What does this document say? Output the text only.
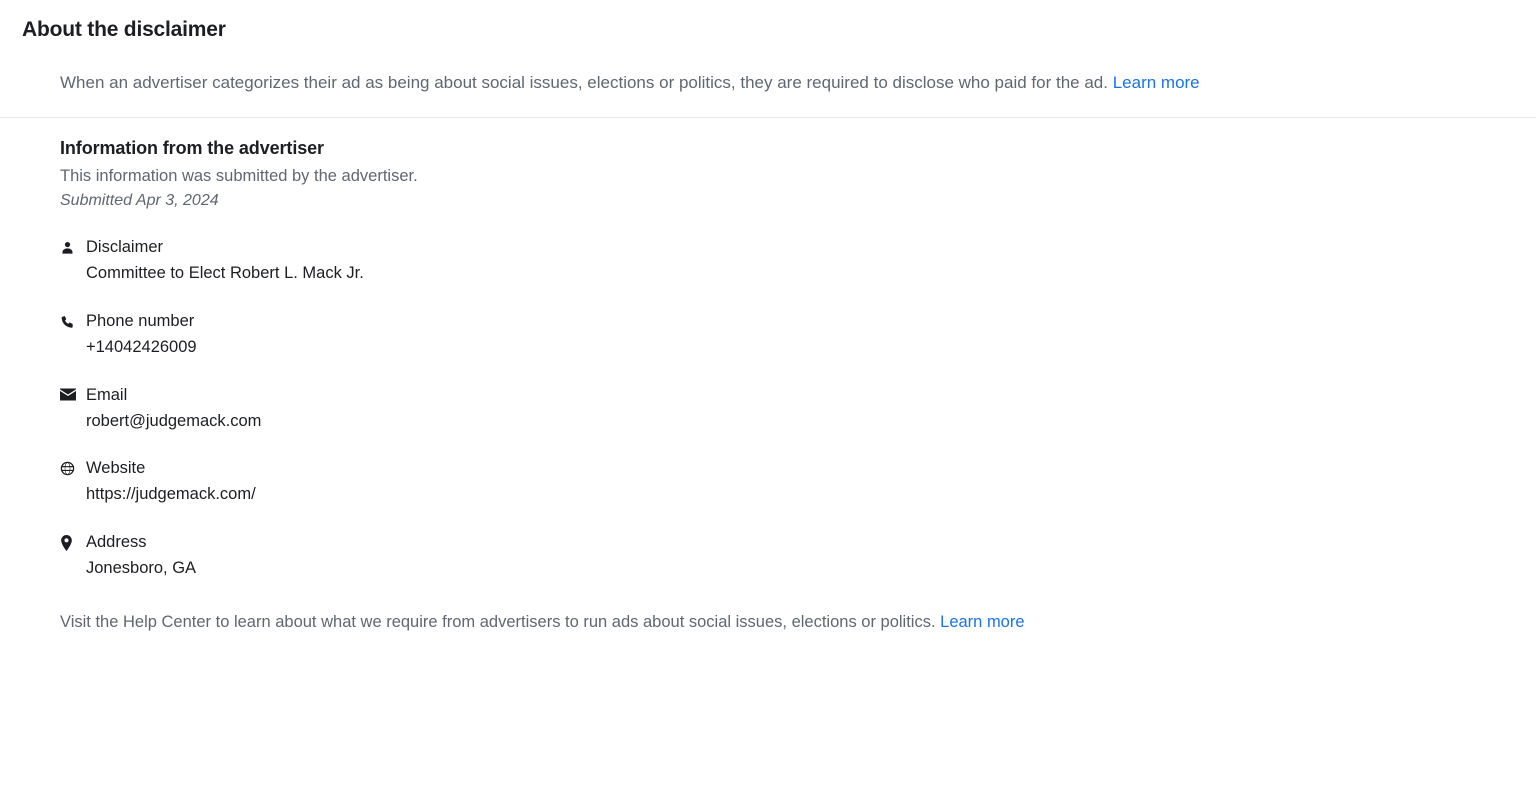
About the disclaimer
When an advertiser categorizes their ad as being about social issues, elections or politics, they are required to disclose who paid for the ad. Learn more
Information from the advertiser
This information was submitted by the advertiser.
Submitted Apr 3, 2024
Disclaimer
Committee to Elect Robert L. Mack Jr.
Phone number
+14042426009
Email
robert@judgemack.com
Website
https://judgemack.com/
Address
Jonesboro, GA
Visit the Help Center to learn about what we require from advertisers to run ads about social issues, elections or politics. Learn more
